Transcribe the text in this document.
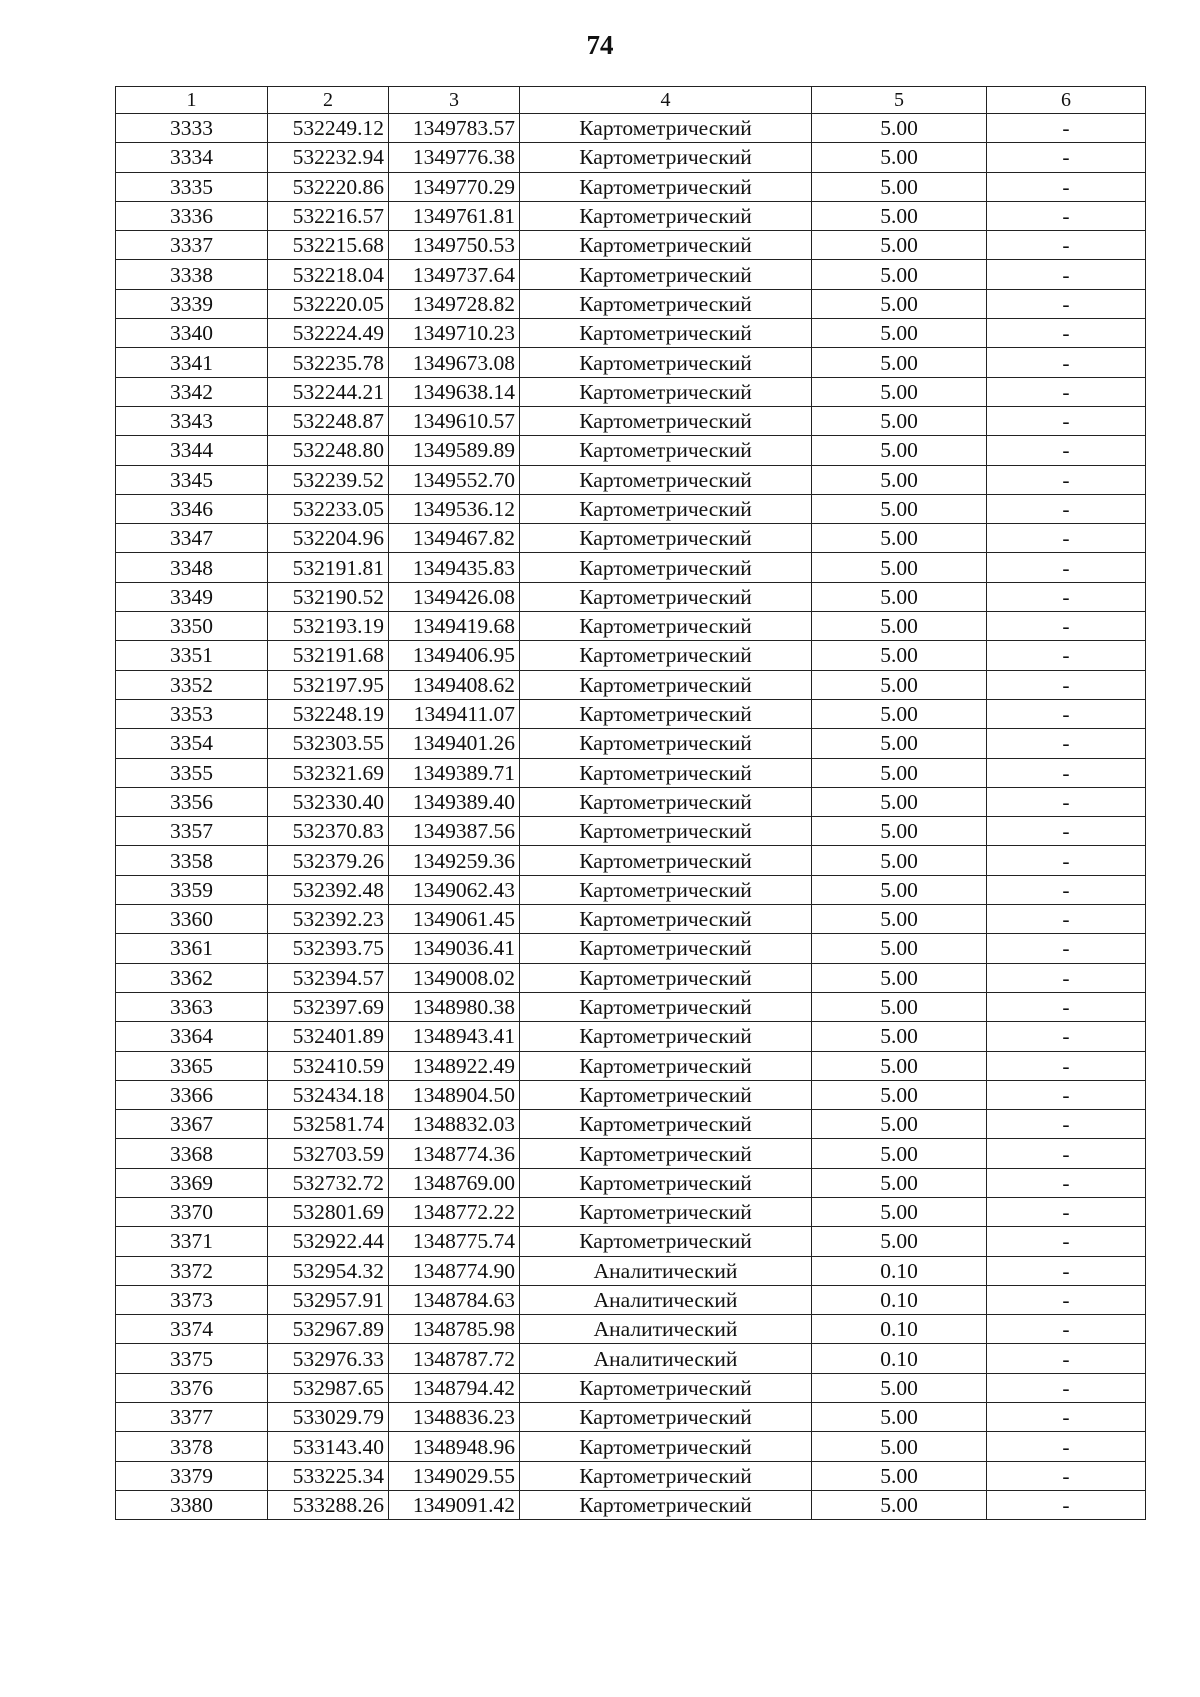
74
1	2	3	4	5	6
3333	532249.12	1349783.57	Картометрический	5.00	-
3334	532232.94	1349776.38	Картометрический	5.00	-
3335	532220.86	1349770.29	Картометрический	5.00	-
3336	532216.57	1349761.81	Картометрический	5.00	-
3337	532215.68	1349750.53	Картометрический	5.00	-
3338	532218.04	1349737.64	Картометрический	5.00	-
3339	532220.05	1349728.82	Картометрический	5.00	-
3340	532224.49	1349710.23	Картометрический	5.00	-
3341	532235.78	1349673.08	Картометрический	5.00	-
3342	532244.21	1349638.14	Картометрический	5.00	-
3343	532248.87	1349610.57	Картометрический	5.00	-
3344	532248.80	1349589.89	Картометрический	5.00	-
3345	532239.52	1349552.70	Картометрический	5.00	-
3346	532233.05	1349536.12	Картометрический	5.00	-
3347	532204.96	1349467.82	Картометрический	5.00	-
3348	532191.81	1349435.83	Картометрический	5.00	-
3349	532190.52	1349426.08	Картометрический	5.00	-
3350	532193.19	1349419.68	Картометрический	5.00	-
3351	532191.68	1349406.95	Картометрический	5.00	-
3352	532197.95	1349408.62	Картометрический	5.00	-
3353	532248.19	1349411.07	Картометрический	5.00	-
3354	532303.55	1349401.26	Картометрический	5.00	-
3355	532321.69	1349389.71	Картометрический	5.00	-
3356	532330.40	1349389.40	Картометрический	5.00	-
3357	532370.83	1349387.56	Картометрический	5.00	-
3358	532379.26	1349259.36	Картометрический	5.00	-
3359	532392.48	1349062.43	Картометрический	5.00	-
3360	532392.23	1349061.45	Картометрический	5.00	-
3361	532393.75	1349036.41	Картометрический	5.00	-
3362	532394.57	1349008.02	Картометрический	5.00	-
3363	532397.69	1348980.38	Картометрический	5.00	-
3364	532401.89	1348943.41	Картометрический	5.00	-
3365	532410.59	1348922.49	Картометрический	5.00	-
3366	532434.18	1348904.50	Картометрический	5.00	-
3367	532581.74	1348832.03	Картометрический	5.00	-
3368	532703.59	1348774.36	Картометрический	5.00	-
3369	532732.72	1348769.00	Картометрический	5.00	-
3370	532801.69	1348772.22	Картометрический	5.00	-
3371	532922.44	1348775.74	Картометрический	5.00	-
3372	532954.32	1348774.90	Аналитический	0.10	-
3373	532957.91	1348784.63	Аналитический	0.10	-
3374	532967.89	1348785.98	Аналитический	0.10	-
3375	532976.33	1348787.72	Аналитический	0.10	-
3376	532987.65	1348794.42	Картометрический	5.00	-
3377	533029.79	1348836.23	Картометрический	5.00	-
3378	533143.40	1348948.96	Картометрический	5.00	-
3379	533225.34	1349029.55	Картометрический	5.00	-
3380	533288.26	1349091.42	Картометрический	5.00	-
